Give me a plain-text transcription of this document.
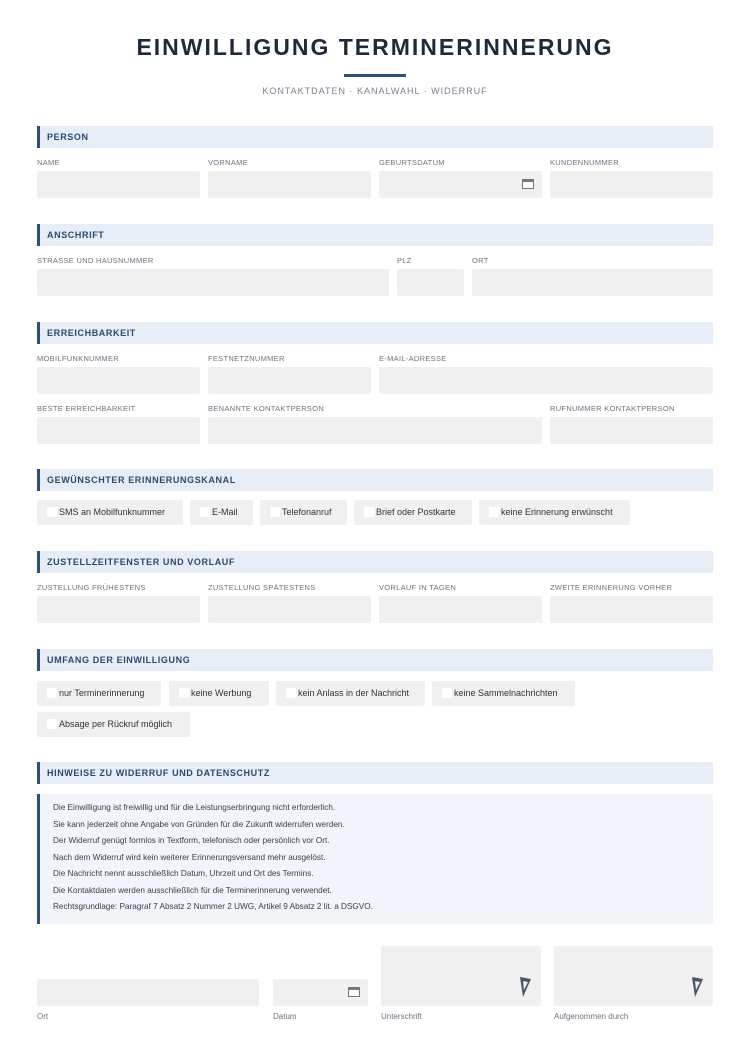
EINWILLIGUNG TERMINERINNERUNG
KONTAKTDATEN · KANALWAHL · WIDERRUF
PERSON
NAME	VORNAME	GEBURTSDATUM	KUNDENNUMMER
ANSCHRIFT
STRASSE UND HAUSNUMMER	PLZ	ORT
ERREICHBARKEIT
MOBILFUNKNUMMER	FESTNETZNUMMER	E-MAIL-ADRESSE
BESTE ERREICHBARKEIT	BENANNTE KONTAKTPERSON	RUFNUMMER KONTAKTPERSON
GEWÜNSCHTER ERINNERUNGSKANAL
SMS an Mobilfunknummer	E-Mail	Telefonanruf	Brief oder Postkarte	keine Erinnerung erwünscht
ZUSTELLZEITFENSTER UND VORLAUF
ZUSTELLUNG FRÜHESTENS	ZUSTELLUNG SPÄTESTENS	VORLAUF IN TAGEN	ZWEITE ERINNERUNG VORHER
UMFANG DER EINWILLIGUNG
nur Terminerinnerung	keine Werbung	kein Anlass in der Nachricht	keine Sammelnachrichten
Absage per Rückruf möglich
HINWEISE ZU WIDERRUF UND DATENSCHUTZ

Die Einwilligung ist freiwillig und für die Leistungserbringung nicht erforderlich.

Sie kann jederzeit ohne Angabe von Gründen für die Zukunft widerrufen werden.

Der Widerruf genügt formlos in Textform, telefonisch oder persönlich vor Ort.

Nach dem Widerruf wird kein weiterer Erinnerungsversand mehr ausgelöst.

Die Nachricht nennt ausschließlich Datum, Uhrzeit und Ort des Termins.

Die Kontaktdaten werden ausschließlich für die Terminerinnerung verwendet.

Rechtsgrundlage: Paragraf 7 Absatz 2 Nummer 2 UWG, Artikel 9 Absatz 2 lit. a DSGVO.

Ort	Datum	Unterschrift	Aufgenommen durch
